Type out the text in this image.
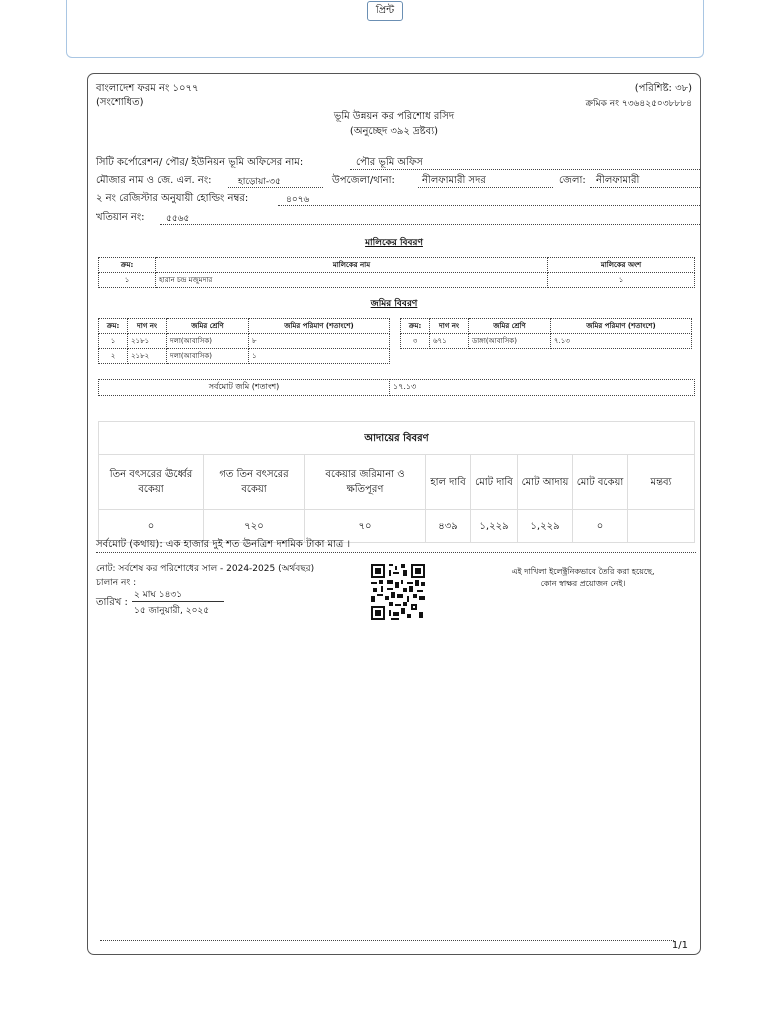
প্রিন্ট
বাংলাদেশ ফরম নং ১০৭৭
(সংশোধিত)
(পরিশিষ্ট: ৩৮)
ক্রমিক নং ৭৩৬৪২৫০৩৮৮৮৪
ভূমি উন্নয়ন কর পরিশোধ রসিদ
(অনুচ্ছেদ ৩৯২ দ্রষ্টব্য)
সিটি কর্পোরেশন/ পৌর/ ইউনিয়ন ভূমি অফিসের নাম:	পৌর ভূমি অফিস
মৌজার নাম ও জে. এল. নং:	হাড়োয়া-৩৫	উপজেলা/থানা:	নীলফামারী সদর	জেলা: নীলফামারী
২ নং রেজিস্টার অনুযায়ী হোল্ডিং নম্বর:	৪০৭৬
খতিয়ান নং: ৫৫৬৫
মালিকের বিবরণ
ক্রম:	মালিকের নাম	মালিকের অংশ
১	হারান চন্দ্র মজুমদার	১
জমির বিবরণ
ক্রম:	দাগ নং	জমির শ্রেণি	জমির পরিমাণ (শতাংশে)
১	২১৮১	দলা(আবাসিক)	৮
২	২১৮২	দলা(আবাসিক)	১
ক্রম:	দাগ নং	জমির শ্রেণি	জমির পরিমাণ (শতাংশে)
৩	৬৭১	ডাঙ্গা(আবাসিক)	৭.১৩
সর্বমোট জমি (শতাংশ)	১৭.১৩
আদায়ের বিবরণ							
তিন বৎসরের ঊর্ধ্বের বকেয়া	গত তিন বৎসরের বকেয়া	বকেয়ার জরিমানা ও ক্ষতিপূরণ	হাল দাবি	মোট দাবি	মোট আদায়	মোট বকেয়া	মন্তব্য
০	৭২০	৭০	৪৩৯	১,২২৯	১,২২৯	০	
সর্বমোট (কথায়): এক হাজার দুই শত ঊনত্রিশ দশমিক টাকা মাত্র ।
নোট: সর্বশেষ কর পরিশোধের সাল - 2024-2025 (অর্থবছর)
চালান নং :
তারিখ :
২ মাঘ ১৪৩১
১৫ জানুয়ারী, ২০২৫
এই দাখিলা ইলেক্ট্রনিকভাবে তৈরি করা হয়েছে,
কোন স্বাক্ষর প্রয়োজন নেই।
1/1
